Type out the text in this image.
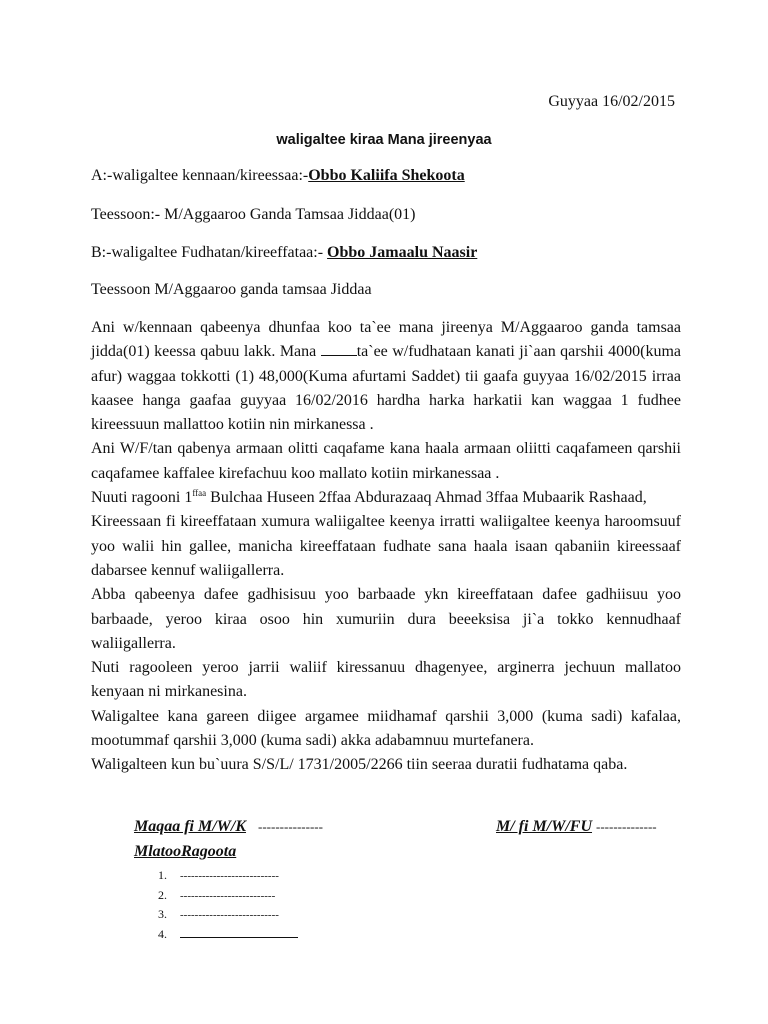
Guyyaa 16/02/2015
waligaltee kiraa Mana jireenyaa
A:-waligaltee kennaan/kireessaa:-Obbo Kaliifa Shekoota
Teessoon:- M/Aggaaroo Ganda Tamsaa Jiddaa(01)
B:-waligaltee Fudhatan/kireeffataa:- Obbo Jamaalu Naasir
Teessoon M/Aggaaroo ganda tamsaa Jiddaa

Ani w/kennaan qabeenya dhunfaa koo ta`ee mana jireenya M/Aggaaroo ganda tamsaa jidda(01) keessa qabuu lakk. Mana ta`ee w/fudhataan kanati ji`aan qarshii 4000(kuma afur) waggaa tokkotti (1) 48,000(Kuma afurtami Saddet) tii gaafa guyyaa 16/02/2015 irraa kaasee hanga gaafaa guyyaa 16/02/2016 hardha harka harkatii kan waggaa 1 fudhee kireessuun mallattoo kotiin nin mirkanessa .

Ani W/F/tan qabenya armaan olitti caqafame kana haala armaan oliitti caqafameen qarshii caqafamee kaffalee kirefachuu koo mallato kotiin mirkanessaa .

Nuuti ragooni $1^{ffaa}$ Bulchaa Huseen 2ffaa Abdurazaaq Ahmad 3ffaa Mubaarik Rashaad,

Kireessaan fi kireeffataan xumura waliigaltee keenya irratti waliigaltee keenya haroomsuuf yoo walii hin gallee, manicha kireeffataan fudhate sana haala isaan qabaniin kireessaaf dabarsee kennuf waliigallerra.

Abba qabeenya dafee gadhisisuu yoo barbaade ykn kireeffataan dafee gadhiisuu yoo barbaade, yeroo kiraa osoo hin xumuriin dura beeeksisa ji`a tokko kennudhaaf waliigallerra.

Nuti ragooleen yeroo jarrii waliif kiressanuu dhagenyee, arginerra jechuun mallatoo kenyaan ni mirkanesina.

Waligaltee kana gareen diigee argamee miidhamaf qarshii 3,000 (kuma sadi) kafalaa, mootummaf qarshii 3,000 (kuma sadi) akka adabamnuu murtefanera.

Waligalteen kun bu`uura S/S/L/ 1731/2005/2266 tiin seeraa duratii fudhatama qaba.

Maqaa fi M/W/K ---------------	M/ fi M/W/FU --------------
MlatooRagoota
1. ---------------------------
2. --------------------------
3. ---------------------------
4.
